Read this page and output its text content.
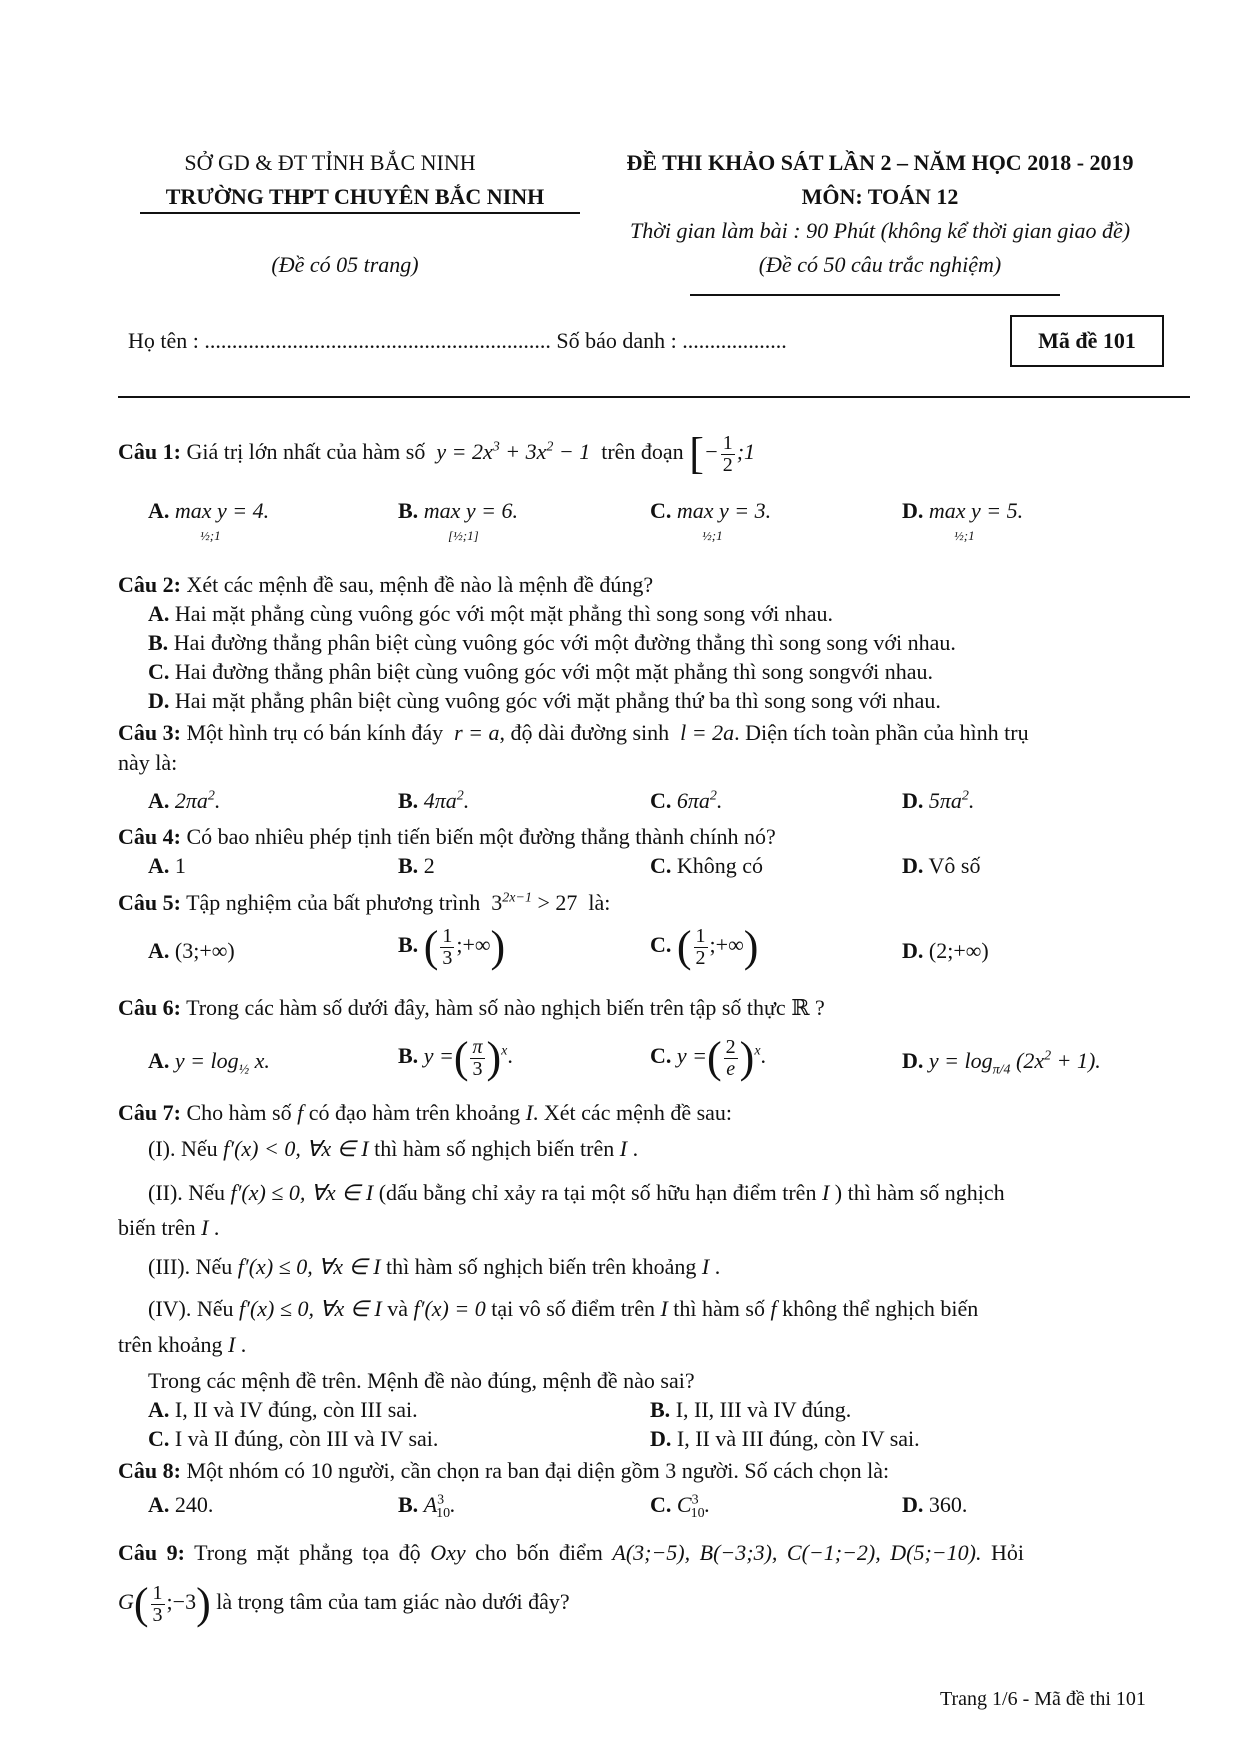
SỞ GD & ĐT TỈNH BẮC NINH
TRƯỜNG THPT CHUYÊN BẮC NINH
(Đề có 05 trang)
ĐỀ THI KHẢO SÁT LẦN 2 – NĂM HỌC 2018 - 2019
MÔN: TOÁN 12
Thời gian làm bài : 90 Phút (không kể thời gian giao đề)
(Đề có 50 câu trắc nghiệm)
Họ tên : ............................................................... Số báo danh : ...................	Mã đề 101
Câu 1: Giá trị lớn nhất của hàm số  $y = 2x^3 + 3x^2 - 1$  trên đoạn [− $\frac{1}{2}$ ;1
A. max y = 4.	B. max y = 6.	C. max y = 3.	D. max y = 5.
½;1	[½;1]	½;1	½;1
Câu 2: Xét các mệnh đề sau, mệnh đề nào là mệnh đề đúng?
A. Hai mặt phẳng cùng vuông góc với một mặt phẳng thì song song với nhau.
B. Hai đường thẳng phân biệt cùng vuông góc với một đường thẳng thì song song với nhau.
C. Hai đường thẳng phân biệt cùng vuông góc với một mặt phẳng thì song songvới nhau.
D. Hai mặt phẳng phân biệt cùng vuông góc với mặt phẳng thứ ba thì song song với nhau.
Câu 3: Một hình trụ có bán kính đáy  r = a, độ dài đường sinh  l = 2a. Diện tích toàn phần của hình trụ
này là:
A. $2\pi a^2$.	B. $4\pi a^2$.	C. $6\pi a^2$.	D. $5\pi a^2$.
Câu 4: Có bao nhiêu phép tịnh tiến biến một đường thẳng thành chính nó?
A. 1	B. 2	C. Không có	D. Vô số
Câu 5: Tập nghiệm của bất phương trình  $3^{2x-1} > 27$  là:
A. (3;+∞)	B. ( $\frac{1}{3}$ ;+∞)	C. ( $\frac{1}{2}$ ;+∞)	D. (2;+∞)
Câu 6: Trong các hàm số dưới đây, hàm số nào nghịch biến trên tập số thực ℝ ?
A. $y = \log_{\frac{1}{2}} x$.	B. y =( $\frac{\pi}{3} )^x$.	C. y =( $\frac{2}{e} )^x$.	D. $y = \log_{\pi/4} (2x^2 + 1)$.
Câu 7: Cho hàm số f có đạo hàm trên khoảng I. Xét các mệnh đề sau:
(I). Nếu f′(x) < 0, ∀x ∈ I thì hàm số nghịch biến trên I .
(II). Nếu f′(x) ≤ 0, ∀x ∈ I (dấu bằng chỉ xảy ra tại một số hữu hạn điểm trên I ) thì hàm số nghịch
biến trên I .
(III). Nếu f′(x) ≤ 0, ∀x ∈ I thì hàm số nghịch biến trên khoảng I .
(IV). Nếu f′(x) ≤ 0, ∀x ∈ I và f′(x) = 0 tại vô số điểm trên I thì hàm số f không thể nghịch biến
trên khoảng I .
Trong các mệnh đề trên. Mệnh đề nào đúng, mệnh đề nào sai?
A. I, II và IV đúng, còn III sai.	B. I, II, III và IV đúng.
C. I và II đúng, còn III và IV sai.	D. I, II và III đúng, còn IV sai.
Câu 8: Một nhóm có 10 người, cần chọn ra ban đại diện gồm 3 người. Số cách chọn là:
A. 240.	B. $A^3_{10}$.	C. $C^3_{10}$.	D. 360.
Câu 9: Trong mặt phẳng tọa độ Oxy cho bốn điểm A(3;−5), B(−3;3), C(−1;−2), D(5;−10). Hỏi
$G( \frac{1}{3}$ ;−3) là trọng tâm của tam giác nào dưới đây?
Trang 1/6 - Mã đề thi 101
